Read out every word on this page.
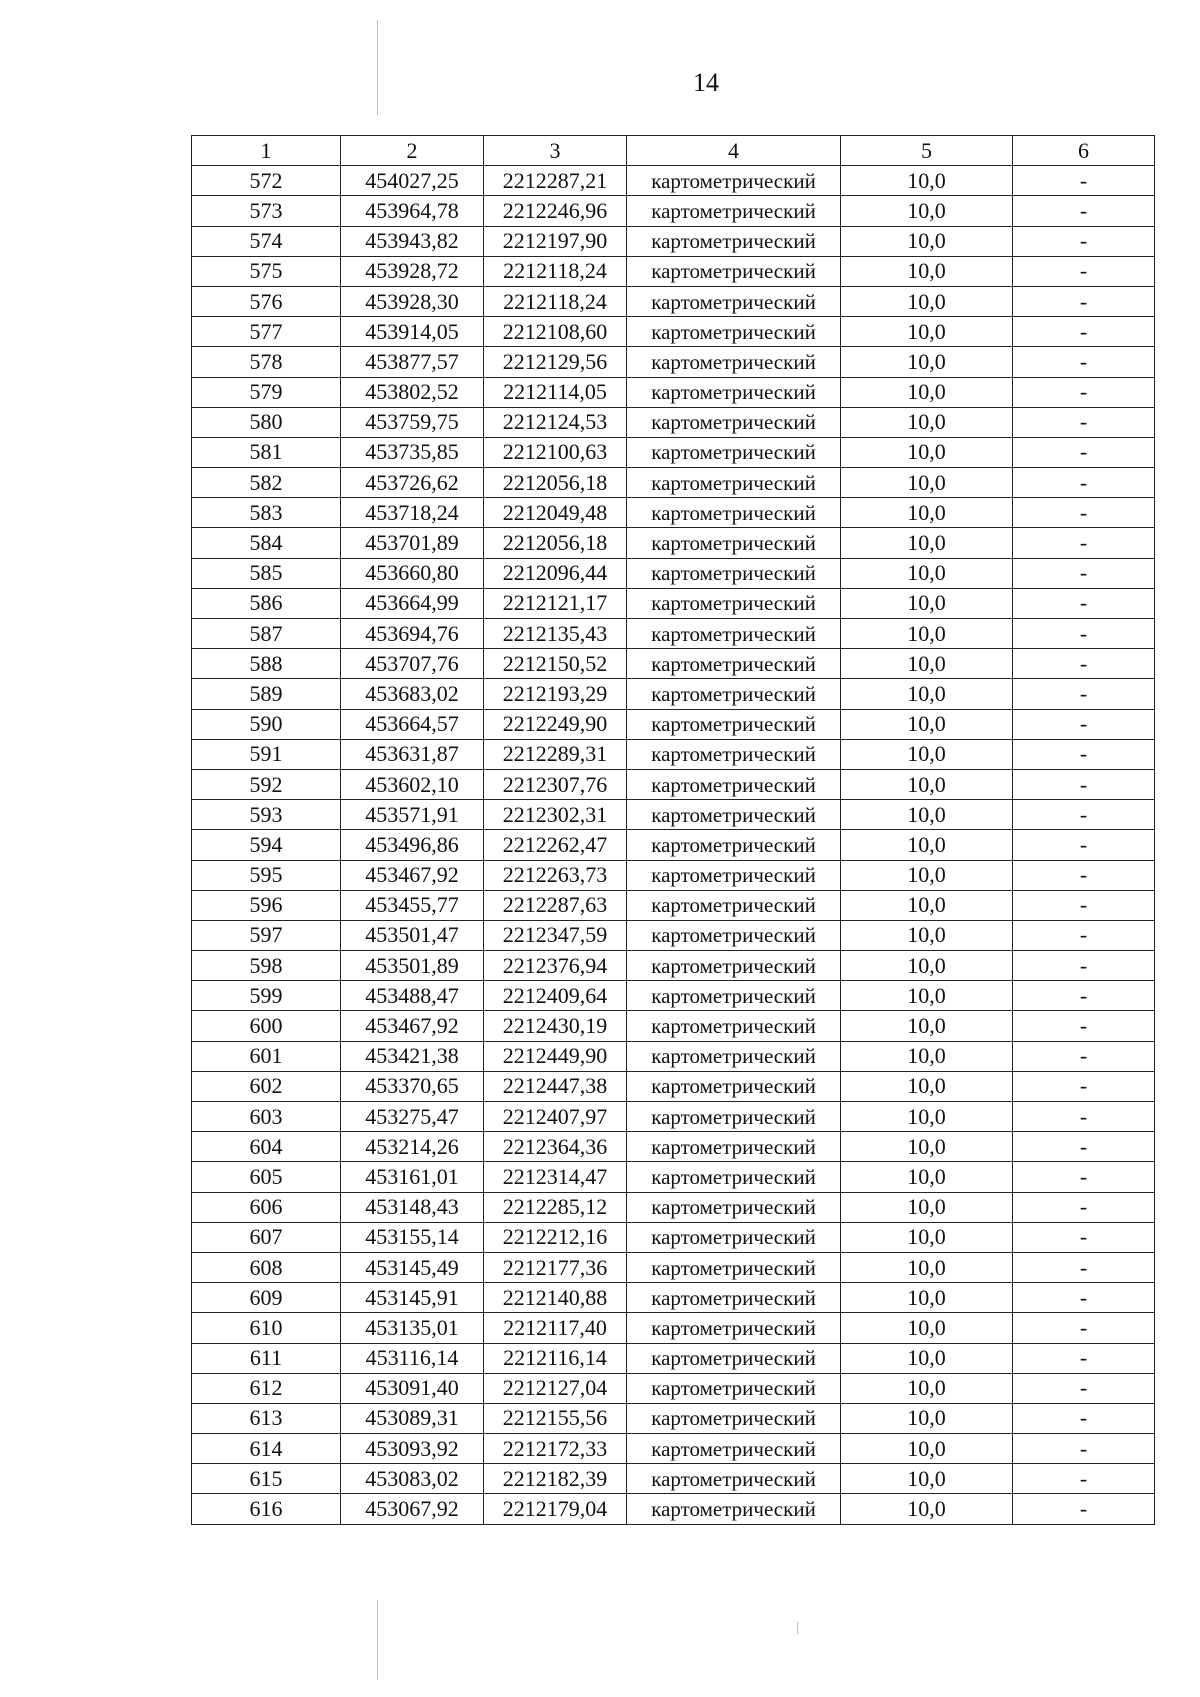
14
1	2	3	4	5	6
572	454027,25	2212287,21	картометрический	10,0	-
573	453964,78	2212246,96	картометрический	10,0	-
574	453943,82	2212197,90	картометрический	10,0	-
575	453928,72	2212118,24	картометрический	10,0	-
576	453928,30	2212118,24	картометрический	10,0	-
577	453914,05	2212108,60	картометрический	10,0	-
578	453877,57	2212129,56	картометрический	10,0	-
579	453802,52	2212114,05	картометрический	10,0	-
580	453759,75	2212124,53	картометрический	10,0	-
581	453735,85	2212100,63	картометрический	10,0	-
582	453726,62	2212056,18	картометрический	10,0	-
583	453718,24	2212049,48	картометрический	10,0	-
584	453701,89	2212056,18	картометрический	10,0	-
585	453660,80	2212096,44	картометрический	10,0	-
586	453664,99	2212121,17	картометрический	10,0	-
587	453694,76	2212135,43	картометрический	10,0	-
588	453707,76	2212150,52	картометрический	10,0	-
589	453683,02	2212193,29	картометрический	10,0	-
590	453664,57	2212249,90	картометрический	10,0	-
591	453631,87	2212289,31	картометрический	10,0	-
592	453602,10	2212307,76	картометрический	10,0	-
593	453571,91	2212302,31	картометрический	10,0	-
594	453496,86	2212262,47	картометрический	10,0	-
595	453467,92	2212263,73	картометрический	10,0	-
596	453455,77	2212287,63	картометрический	10,0	-
597	453501,47	2212347,59	картометрический	10,0	-
598	453501,89	2212376,94	картометрический	10,0	-
599	453488,47	2212409,64	картометрический	10,0	-
600	453467,92	2212430,19	картометрический	10,0	-
601	453421,38	2212449,90	картометрический	10,0	-
602	453370,65	2212447,38	картометрический	10,0	-
603	453275,47	2212407,97	картометрический	10,0	-
604	453214,26	2212364,36	картометрический	10,0	-
605	453161,01	2212314,47	картометрический	10,0	-
606	453148,43	2212285,12	картометрический	10,0	-
607	453155,14	2212212,16	картометрический	10,0	-
608	453145,49	2212177,36	картометрический	10,0	-
609	453145,91	2212140,88	картометрический	10,0	-
610	453135,01	2212117,40	картометрический	10,0	-
611	453116,14	2212116,14	картометрический	10,0	-
612	453091,40	2212127,04	картометрический	10,0	-
613	453089,31	2212155,56	картометрический	10,0	-
614	453093,92	2212172,33	картометрический	10,0	-
615	453083,02	2212182,39	картометрический	10,0	-
616	453067,92	2212179,04	картометрический	10,0	-
